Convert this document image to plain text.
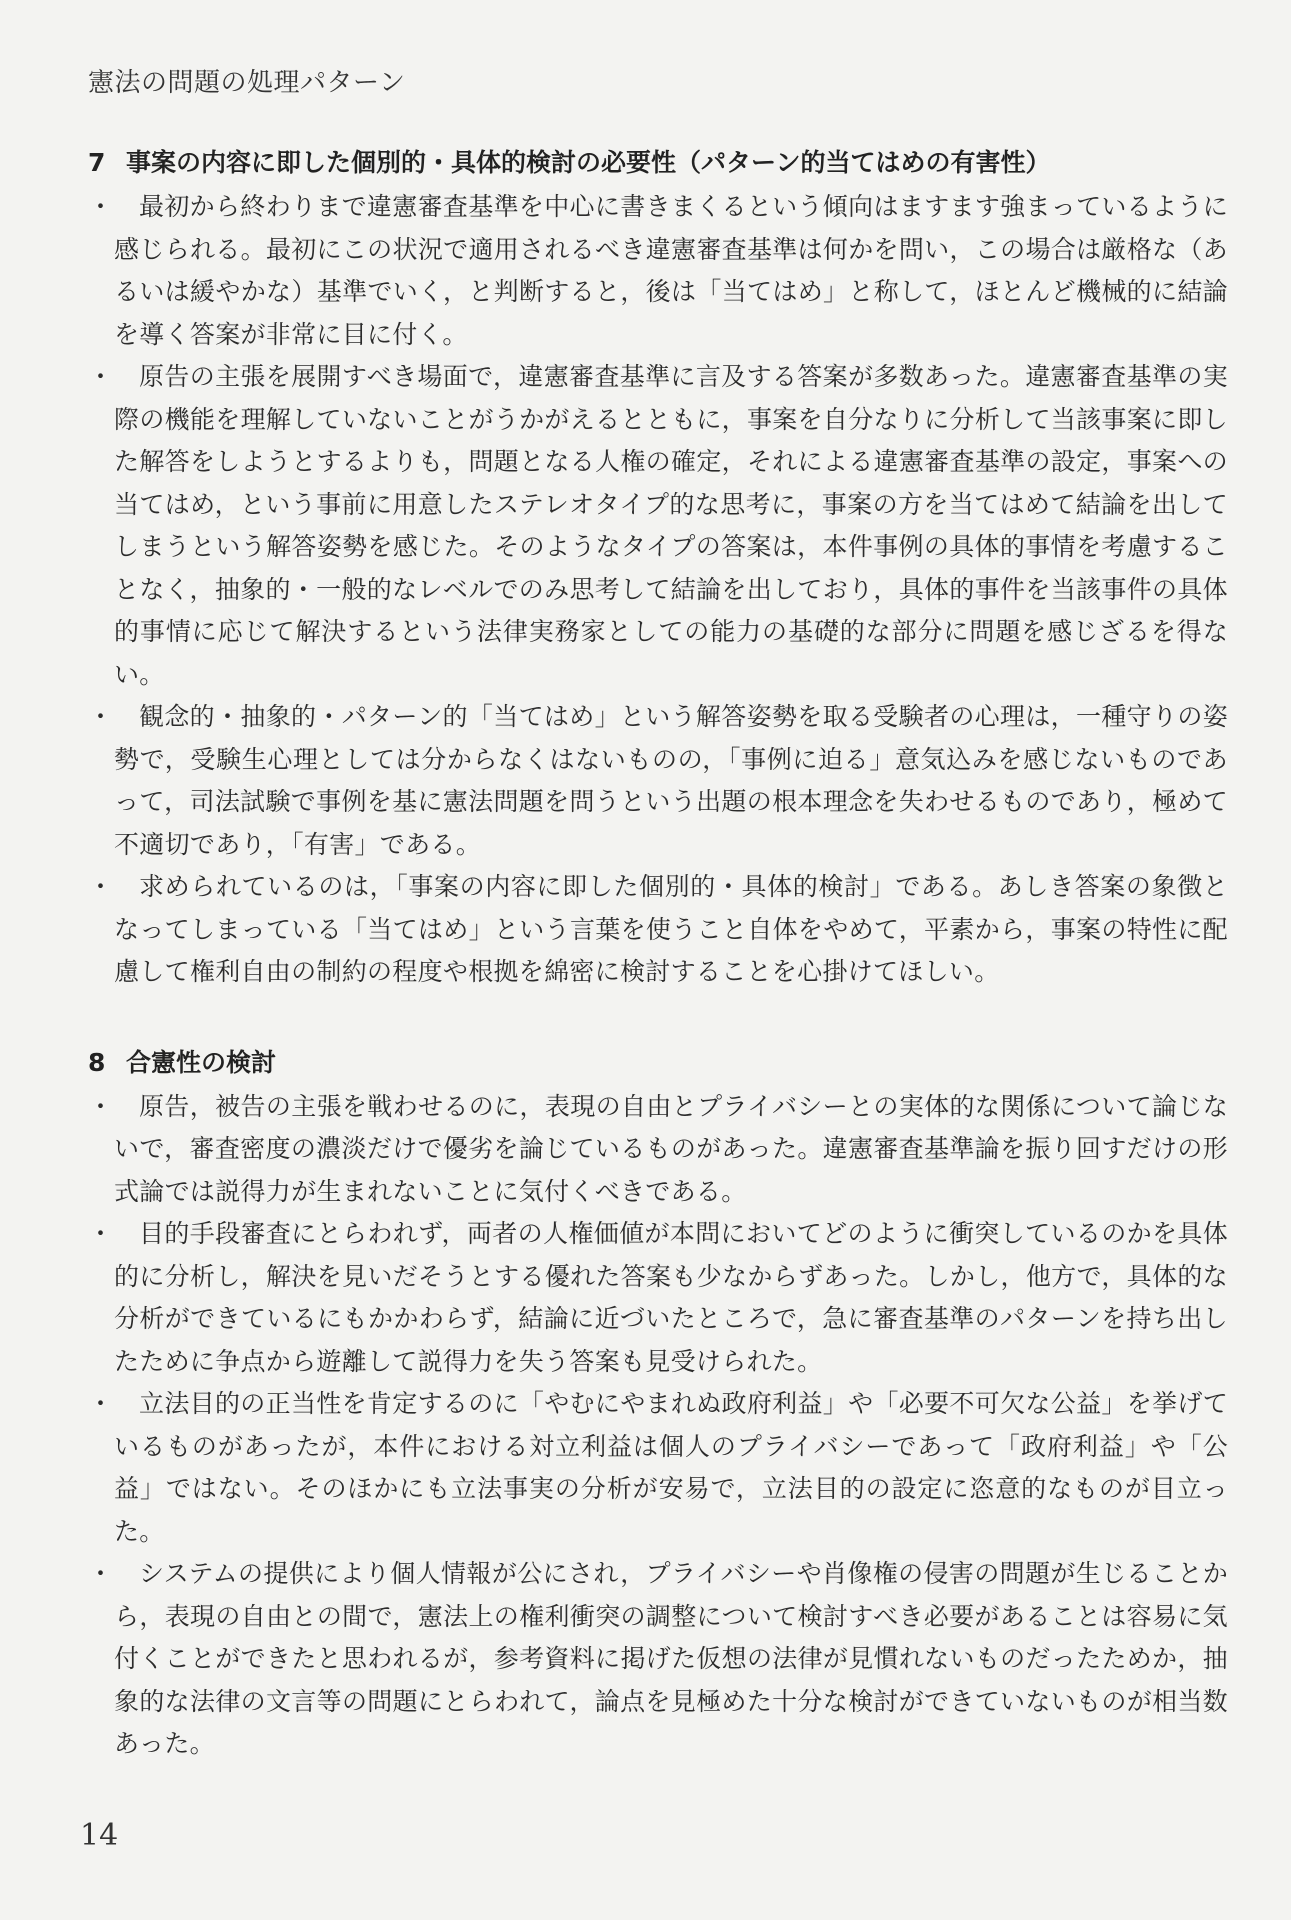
憲法の問題の処理パターン
7 事案の内容に即した個別的・具体的検討の必要性（パターン的当てはめの有害性）
・ 最初から終わりまで違憲審査基準を中心に書きまくるという傾向はますます強まっているように感じられる。最初にこの状況で適用されるべき違憲審査基準は何かを問い，この場合は厳格な（あるいは緩やかな）基準でいく，と判断すると，後は「当てはめ」と称して，ほとんど機械的に結論を導く答案が非常に目に付く。
・ 原告の主張を展開すべき場面で，違憲審査基準に言及する答案が多数あった。違憲審査基準の実際の機能を理解していないことがうかがえるとともに，事案を自分なりに分析して当該事案に即した解答をしようとするよりも，問題となる人権の確定，それによる違憲審査基準の設定，事案への当てはめ，という事前に用意したステレオタイプ的な思考に，事案の方を当てはめて結論を出してしまうという解答姿勢を感じた。そのようなタイプの答案は，本件事例の具体的事情を考慮することなく，抽象的・一般的なレベルでのみ思考して結論を出しており，具体的事件を当該事件の具体的事情に応じて解決するという法律実務家としての能力の基礎的な部分に問題を感じざるを得ない。
・ 観念的・抽象的・パターン的「当てはめ」という解答姿勢を取る受験者の心理は，一種守りの姿勢で，受験生心理としては分からなくはないものの，「事例に迫る」意気込みを感じないものであって，司法試験で事例を基に憲法問題を問うという出題の根本理念を失わせるものであり，極めて不適切であり，「有害」である。
・ 求められているのは，「事案の内容に即した個別的・具体的検討」である。あしき答案の象徴となってしまっている「当てはめ」という言葉を使うこと自体をやめて，平素から，事案の特性に配慮して権利自由の制約の程度や根拠を綿密に検討することを心掛けてほしい。
8 合憲性の検討
・ 原告，被告の主張を戦わせるのに，表現の自由とプライバシーとの実体的な関係について論じないで，審査密度の濃淡だけで優劣を論じているものがあった。違憲審査基準論を振り回すだけの形式論では説得力が生まれないことに気付くべきである。
・ 目的手段審査にとらわれず，両者の人権価値が本問においてどのように衝突しているのかを具体的に分析し，解決を見いだそうとする優れた答案も少なからずあった。しかし，他方で，具体的な分析ができているにもかかわらず，結論に近づいたところで，急に審査基準のパターンを持ち出したために争点から遊離して説得力を失う答案も見受けられた。
・ 立法目的の正当性を肯定するのに「やむにやまれぬ政府利益」や「必要不可欠な公益」を挙げているものがあったが，本件における対立利益は個人のプライバシーであって「政府利益」や「公益」ではない。そのほかにも立法事実の分析が安易で，立法目的の設定に恣意的なものが目立った。
・ システムの提供により個人情報が公にされ，プライバシーや肖像権の侵害の問題が生じることから，表現の自由との間で，憲法上の権利衝突の調整について検討すべき必要があることは容易に気付くことができたと思われるが，参考資料に掲げた仮想の法律が見慣れないものだったためか，抽象的な法律の文言等の問題にとらわれて，論点を見極めた十分な検討ができていないものが相当数あった。
14
